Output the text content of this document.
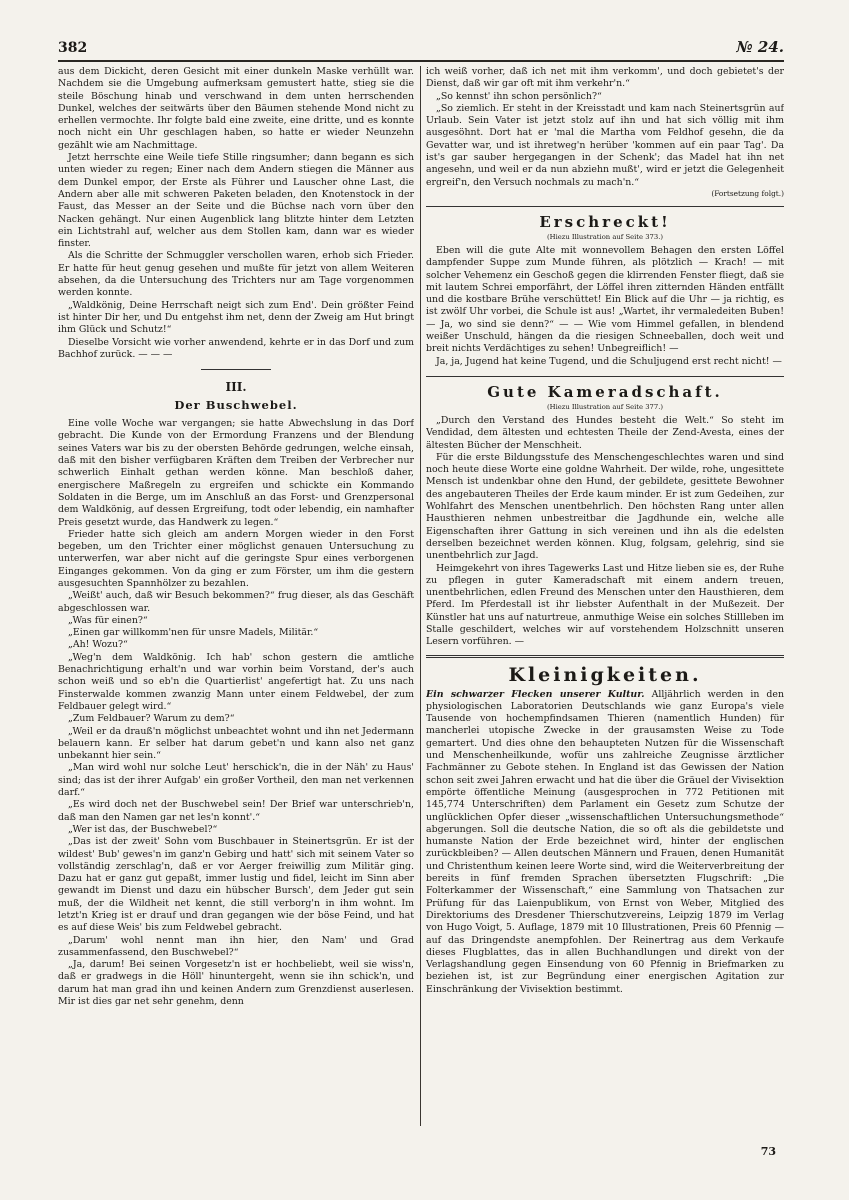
382	№ 24.

aus dem Dickicht, deren Gesicht mit einer dunkeln Maske verhüllt war. Nachdem sie die Umgebung aufmerksam gemustert hatte, stieg sie die steile Böschung hinab und verschwand in dem unten herrschenden Dunkel, welches der seitwärts über den Bäumen stehende Mond nicht zu erhellen vermochte. Ihr folgte bald eine zweite, eine dritte, und es konnte noch nicht ein Uhr geschlagen haben, so hatte er wieder Neunzehn gezählt wie am Nachmittage.

Jetzt herrschte eine Weile tiefe Stille ringsumher; dann begann es sich unten wieder zu regen; Einer nach dem Andern stiegen die Männer aus dem Dunkel empor, der Erste als Führer und Lauscher ohne Last, die Andern aber alle mit schweren Paketen beladen, den Knotenstock in der Faust, das Messer an der Seite und die Büchse nach vorn über den Nacken gehängt. Nur einen Augenblick lang blitzte hinter dem Letzten ein Lichtstrahl auf, welcher aus dem Stollen kam, dann war es wieder finster.

Als die Schritte der Schmuggler verschollen waren, erhob sich Frieder. Er hatte für heut genug gesehen und mußte für jetzt von allem Weiteren absehen, da die Untersuchung des Trichters nur am Tage vorgenommen werden konnte.

„Waldkönig, Deine Herrschaft neigt sich zum End'. Dein größter Feind ist hinter Dir her, und Du entgehst ihm net, denn der Zweig am Hut bringt ihm Glück und Schutz!“

Dieselbe Vorsicht wie vorher anwendend, kehrte er in das Dorf und zum Bachhof zurück. — — —

III.
Der Buschwebel.

Eine volle Woche war vergangen; sie hatte Abwechslung in das Dorf gebracht. Die Kunde von der Ermordung Franzens und der Blendung seines Vaters war bis zu der obersten Behörde gedrungen, welche einsah, daß mit den bisher verfügbaren Kräften dem Treiben der Verbrecher nur schwerlich Einhalt gethan werden könne. Man beschloß daher, energischere Maßregeln zu ergreifen und schickte ein Kommando Soldaten in die Berge, um im Anschluß an das Forst- und Grenzpersonal dem Waldkönig, auf dessen Ergreifung, todt oder lebendig, ein namhafter Preis gesetzt wurde, das Handwerk zu legen.“

Frieder hatte sich gleich am andern Morgen wieder in den Forst begeben, um den Trichter einer möglichst genauen Untersuchung zu unterwerfen, war aber nicht auf die geringste Spur eines verborgenen Einganges gekommen. Von da ging er zum Förster, um ihm die gestern ausgesuchten Spannhölzer zu bezahlen.

„Weißt' auch, daß wir Besuch bekommen?“ frug dieser, als das Geschäft abgeschlossen war.

„Was für einen?“

„Einen gar willkomm'nen für unsre Madels, Militär.“

„Ah! Wozu?“

„Weg'n dem Waldkönig. Ich hab' schon gestern die amtliche Benachrichtigung erhalt'n und war vorhin beim Vorstand, der's auch schon weiß und so eb'n die Quartierlist' angefertigt hat. Zu uns nach Finsterwalde kommen zwanzig Mann unter einem Feldwebel, der zum Feldbauer gelegt wird.“

„Zum Feldbauer? Warum zu dem?“

„Weil er da drauß'n möglichst unbeachtet wohnt und ihn net Jedermann belauern kann. Er selber hat darum gebet'n und kann also net ganz unbekannt hier sein.“

„Man wird wohl nur solche Leut' herschick'n, die in der Näh' zu Haus' sind; das ist der ihrer Aufgab' ein großer Vortheil, den man net verkennen darf.“

„Es wird doch net der Buschwebel sein! Der Brief war unterschrieb'n, daß man den Namen gar net les'n konnt'.“

„Wer ist das, der Buschwebel?“

„Das ist der zweit' Sohn vom Buschbauer in Steinertsgrün. Er ist der wildest' Bub' gewes'n im ganz'n Gebirg und hatt' sich mit seinem Vater so vollständig zerschlag'n, daß er vor Aerger freiwillig zum Militär ging. Dazu hat er ganz gut gepaßt, immer lustig und fidel, leicht im Sinn aber gewandt im Dienst und dazu ein hübscher Bursch', dem Jeder gut sein muß, der die Wildheit net kennt, die still verborg'n in ihm wohnt. Im letzt'n Krieg ist er drauf und dran gegangen wie der böse Feind, und hat es auf diese Weis' bis zum Feldwebel gebracht.

„Darum' wohl nennt man ihn hier, den Nam' und Grad zusammenfassend, den Buschwebel?“

„Ja, darum! Bei seinen Vorgesetz'n ist er hochbeliebt, weil sie wiss'n, daß er gradwegs in die Höll' hinuntergeht, wenn sie ihn schick'n, und darum hat man grad ihn und keinen Andern zum Grenzdienst auserlesen. Mir ist dies gar net sehr genehm, denn

ich weiß vorher, daß ich net mit ihm verkomm', und doch gebietet's der Dienst, daß wir gar oft mit ihm verkehr'n.“

„So kennst' ihn schon persönlich?“

„So ziemlich. Er steht in der Kreisstadt und kam nach Steinertsgrün auf Urlaub. Sein Vater ist jetzt stolz auf ihn und hat sich völlig mit ihm ausgesöhnt. Dort hat er 'mal die Martha vom Feldhof gesehn, die da Gevatter war, und ist ihretweg'n herüber 'kommen auf ein paar Tag'. Da ist's gar sauber hergegangen in der Schenk'; das Madel hat ihn net angesehn, und weil er da nun abziehn mußt', wird er jetzt die Gelegenheit ergreif'n, den Versuch nochmals zu mach'n.“

(Fortsetzung folgt.)
Erschreckt!
(Hiezu Illustration auf Seite 373.)

Eben will die gute Alte mit wonnevollem Behagen den ersten Löffel dampfender Suppe zum Munde führen, als plötzlich — Krach! — mit solcher Vehemenz ein Geschoß gegen die klirrenden Fenster fliegt, daß sie mit lautem Schrei emporfährt, der Löffel ihren zitternden Händen entfällt und die kostbare Brühe verschüttet! Ein Blick auf die Uhr — ja richtig, es ist zwölf Uhr vorbei, die Schule ist aus! „Wartet, ihr vermaledeiten Buben! — Ja, wo sind sie denn?“ — — Wie vom Himmel gefallen, in blendend weißer Unschuld, hängen da die riesigen Schneeballen, doch weit und breit nichts Verdächtiges zu sehen! Unbegreiflich! —

Ja, ja, Jugend hat keine Tugend, und die Schuljugend erst recht nicht! —

Gute Kameradschaft.
(Hiezu Illustration auf Seite 377.)

„Durch den Verstand des Hundes besteht die Welt.“ So steht im Vendidad, dem ältesten und echtesten Theile der Zend-Avesta, eines der ältesten Bücher der Menschheit.

Für die erste Bildungsstufe des Menschengeschlechtes waren und sind noch heute diese Worte eine goldne Wahrheit. Der wilde, rohe, ungesittete Mensch ist undenkbar ohne den Hund, der gebildete, gesittete Bewohner des angebauteren Theiles der Erde kaum minder. Er ist zum Gedeihen, zur Wohlfahrt des Menschen unentbehrlich. Den höchsten Rang unter allen Hausthieren nehmen unbestreitbar die Jagdhunde ein, welche alle Eigenschaften ihrer Gattung in sich vereinen und ihn als die edelsten derselben bezeichnet werden können. Klug, folgsam, gelehrig, sind sie unentbehrlich zur Jagd.

Heimgekehrt von ihres Tagewerks Last und Hitze lieben sie es, der Ruhe zu pflegen in guter Kameradschaft mit einem andern treuen, unentbehrlichen, edlen Freund des Menschen unter den Hausthieren, dem Pferd. Im Pferdestall ist ihr liebster Aufenthalt in der Mußezeit. Der Künstler hat uns auf naturtreue, anmuthige Weise ein solches Stillleben im Stalle geschildert, welches wir auf vorstehendem Holzschnitt unseren Lesern vorführen. —

Kleinigkeiten.

Ein schwarzer Flecken unserer Kultur. Alljährlich werden in den physiologischen Laboratorien Deutschlands wie ganz Europa's viele Tausende von hochempfindsamen Thieren (namentlich Hunden) für mancherlei utopische Zwecke in der grausamsten Weise zu Tode gemartert. Und dies ohne den behaupteten Nutzen für die Wissenschaft und Menschenheilkunde, wofür uns zahlreiche Zeugnisse ärztlicher Fachmänner zu Gebote stehen. In England ist das Gewissen der Nation schon seit zwei Jahren erwacht und hat die über die Gräuel der Vivisektion empörte öffentliche Meinung (ausgesprochen in 772 Petitionen mit 145,774 Unterschriften) dem Parlament ein Gesetz zum Schutze der unglücklichen Opfer dieser „wissenschaftlichen Untersuchungsmethode“ abgerungen. Soll die deutsche Nation, die so oft als die gebildetste und humanste Nation der Erde bezeichnet wird, hinter der englischen zurückbleiben? — Allen deutschen Männern und Frauen, denen Humanität und Christenthum keinen leere Worte sind, wird die Weiterverbreitung der bereits in fünf fremden Sprachen übersetzten Flugschrift: „Die Folterkammer der Wissenschaft,“ eine Sammlung von Thatsachen zur Prüfung für das Laienpublikum, von Ernst von Weber, Mitglied des Direktoriums des Dresdener Thierschutzvereins, Leipzig 1879 im Verlag von Hugo Voigt, 5. Auflage, 1879 mit 10 Illustrationen, Preis 60 Pfennig — auf das Dringendste anempfohlen. Der Reinertrag aus dem Verkaufe dieses Flugblattes, das in allen Buchhandlungen und direkt von der Verlagshandlung gegen Einsendung von 60 Pfennig in Briefmarken zu beziehen ist, ist zur Begründung einer energischen Agitation zur Einschränkung der Vivisektion bestimmt.

73
